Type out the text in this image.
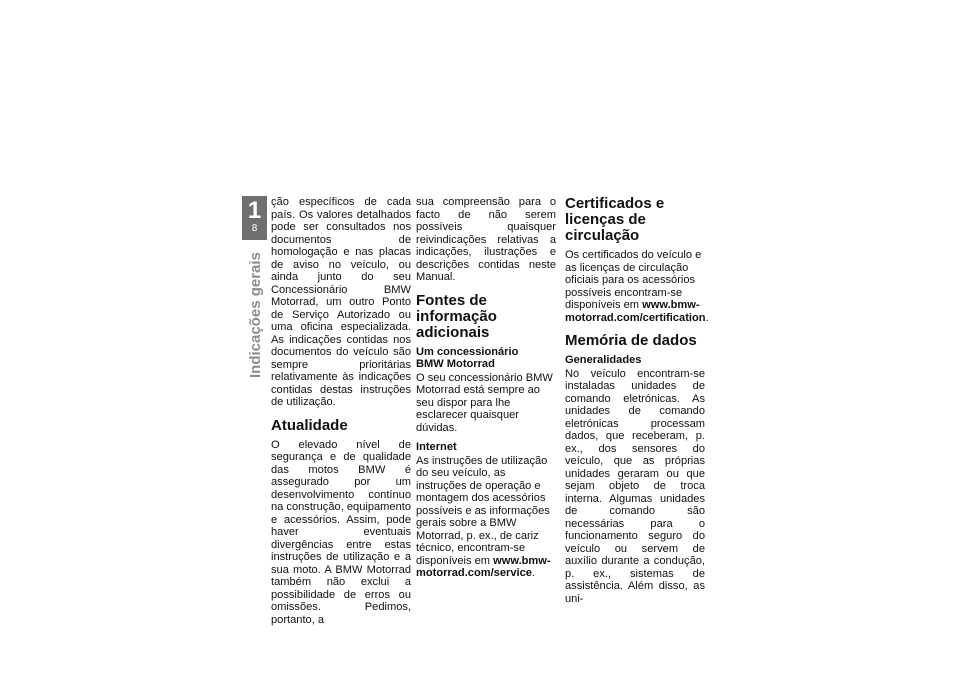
1
8
Indicações gerais

ção específicos de cada país. Os valores detalhados pode ser consultados nos documentos de homologação e nas placas de aviso no veículo, ou ainda junto do seu Concessionário BMW Motorrad, um outro Ponto de Serviço Autorizado ou uma oficina especializada. As indicações contidas nos documentos do veículo são sempre prioritárias relativamente às indicações contidas destas instruções de utilização.

Atualidade

O elevado nível de segurança e de qualidade das motos BMW é assegurado por um desenvolvimento contínuo na construção, equipamento e acessórios. Assim, pode haver eventuais divergências entre estas instruções de utilização e a sua moto. A BMW Motorrad também não exclui a possibilidade de erros ou omissões. Pedimos, portanto, a

sua compreensão para o facto de não serem possíveis quaisquer reivindicações relativas a indicações, ilustrações e descrições contidas neste Manual.

Fontes de informação adicionais
Um concessionário
BMW Motorrad

O seu concessionário BMW Motorrad está sempre ao seu dispor para lhe esclarecer quaisquer dúvidas.

Internet

As instruções de utilização do seu veículo, as instruções de operação e montagem dos acessórios possíveis e as informações gerais sobre a BMW Motorrad, p. ex., de cariz técnico, encontram-se disponíveis em www.bmw-motorrad.com/service.

Certificados e licenças de circulação

Os certificados do veículo e as licenças de circulação oficiais para os acessórios possíveis encontram-se disponíveis em www.bmw-motorrad.com/certification.

Memória de dados
Generalidades

No veículo encontram-se instaladas unidades de comando eletrónicas. As unidades de comando eletrónicas processam dados, que receberam, p. ex., dos sensores do veículo, que as próprias unidades geraram ou que sejam objeto de troca interna. Algumas unidades de comando são necessárias para o funcionamento seguro do veículo ou servem de auxílio durante a condução, p. ex., sistemas de assistência. Além disso, as uni-
